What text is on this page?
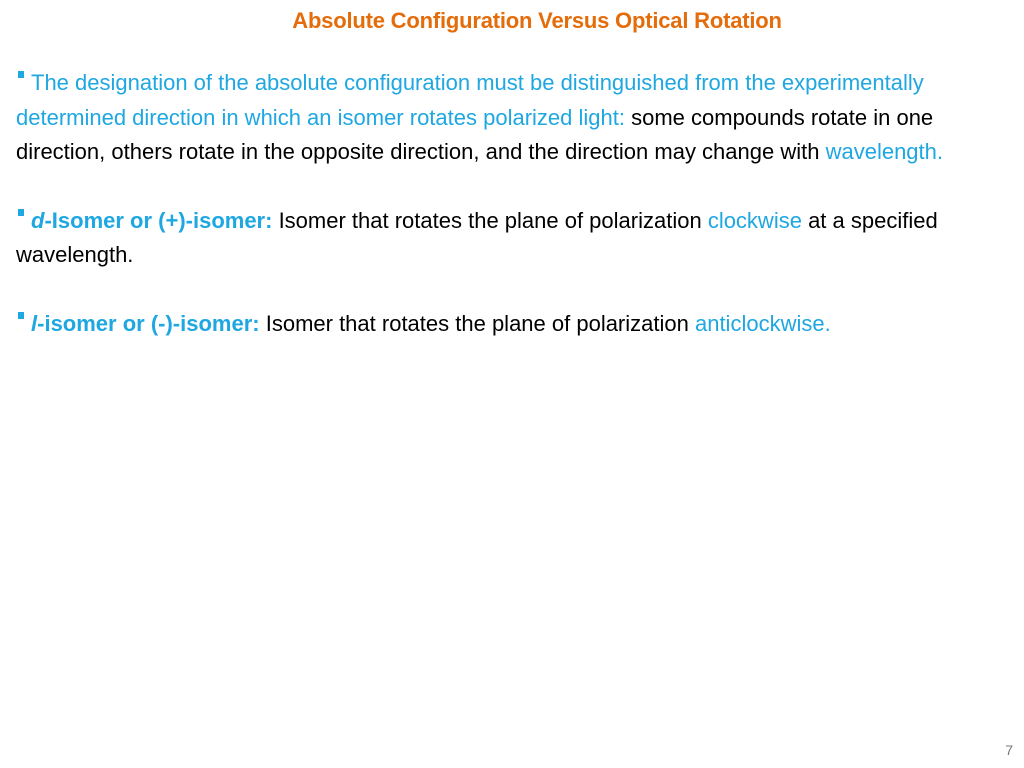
Absolute Configuration Versus Optical Rotation

The designation of the absolute configuration must be distinguished from the experimentally determined direction in which an isomer rotates polarized light: some compounds rotate in one direction, others rotate in the opposite direction, and the direction may change with wavelength.

d-Isomer or (+)-isomer: Isomer that rotates the plane of polarization clockwise at a specified wavelength.

l-isomer or (-)-isomer: Isomer that rotates the plane of polarization anticlockwise.

7
